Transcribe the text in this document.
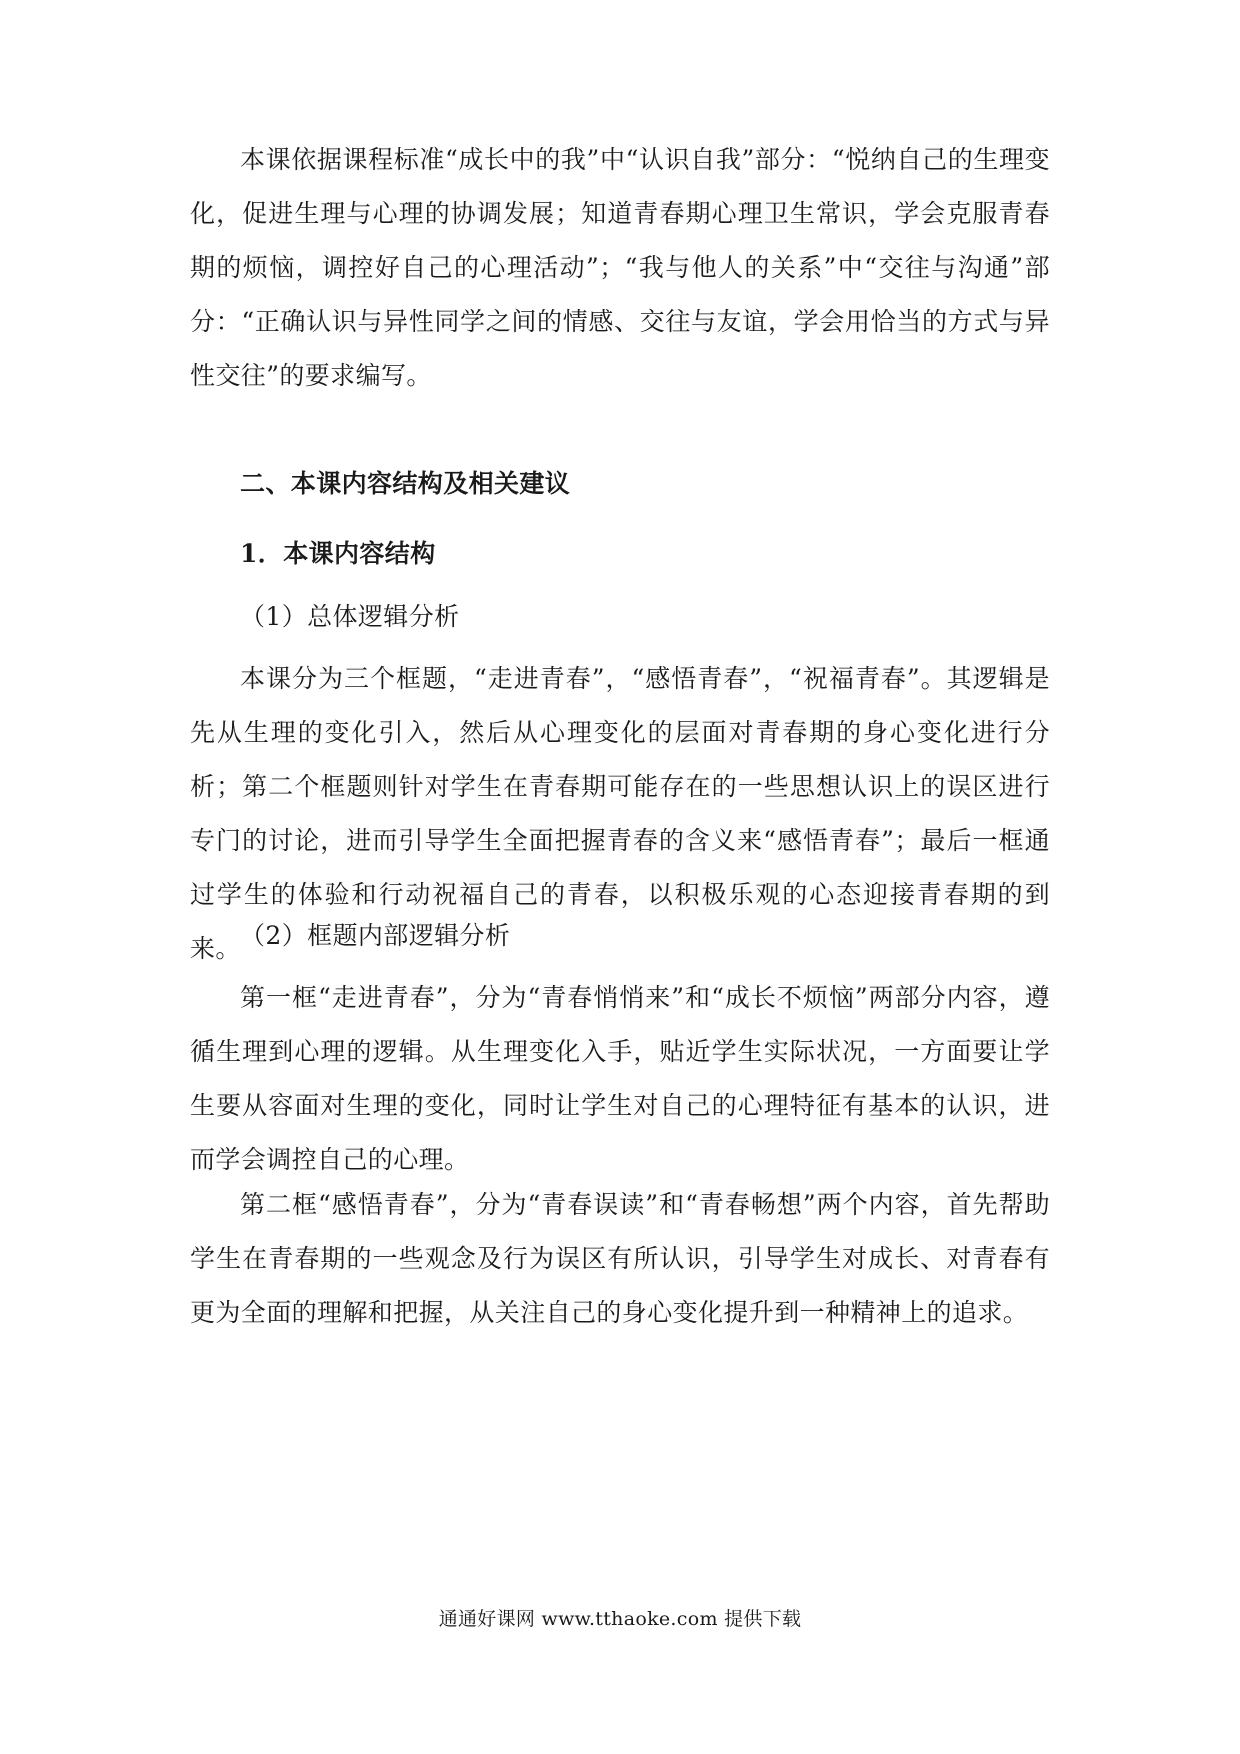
本课依据课程标准“成长中的我”中“认识自我”部分：“悦纳自己的生理变化，促进生理与心理的协调发展；知道青春期心理卫生常识，学会克服青春期的烦恼，调控好自己的心理活动”；“我与他人的关系”中“交往与沟通”部分：“正确认识与异性同学之间的情感、交往与友谊，学会用恰当的方式与异性交往”的要求编写。

二、本课内容结构及相关建议

1．本课内容结构

（1）总体逻辑分析

本课分为三个框题，“走进青春”，“感悟青春”，“祝福青春”。其逻辑是先从生理的变化引入，然后从心理变化的层面对青春期的身心变化进行分析；第二个框题则针对学生在青春期可能存在的一些思想认识上的误区进行专门的讨论，进而引导学生全面把握青春的含义来“感悟青春”；最后一框通过学生的体验和行动祝福自己的青春，以积极乐观的心态迎接青春期的到来。 （2）框题内部逻辑分析

第一框“走进青春”，分为“青春悄悄来”和“成长不烦恼”两部分内容，遵循生理到心理的逻辑。从生理变化入手，贴近学生实际状况，一方面要让学生要从容面对生理的变化，同时让学生对自己的心理特征有基本的认识，进而学会调控自己的心理。

第二框“感悟青春”，分为“青春误读”和“青春畅想”两个内容，首先帮助学生在青春期的一些观念及行为误区有所认识，引导学生对成长、对青春有更为全面的理解和把握，从关注自己的身心变化提升到一种精神上的追求。

通通好课网 www.tthaoke.com 提供下载
